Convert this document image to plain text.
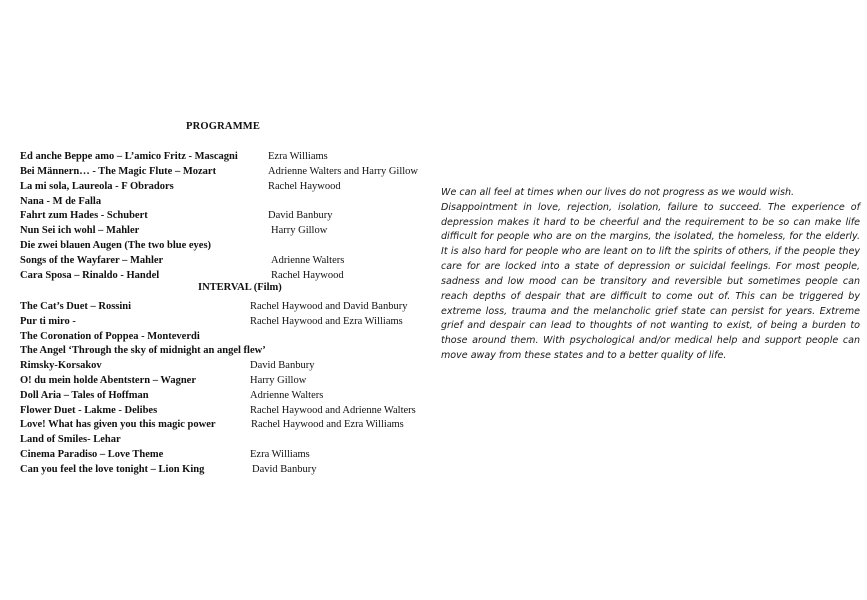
PROGRAMME
Ed anche Beppe amo – L’amico Fritz - Mascagni	Ezra Williams
Bei Männern… - The Magic Flute – Mozart	Adrienne Walters and Harry Gillow
La mi sola, Laureola - F Obradors	Rachel Haywood
Nana - M de Falla
Fahrt zum Hades - Schubert	David Banbury
Nun Sei ich wohl – Mahler	Harry Gillow
Die zwei blauen Augen (The two blue eyes)
Songs of the Wayfarer – Mahler	Adrienne Walters
Cara Sposa – Rinaldo - Handel	Rachel Haywood
INTERVAL (Film)
The Cat’s Duet – Rossini	Rachel Haywood and David Banbury
Pur ti miro -	Rachel Haywood and Ezra Williams
The Coronation of Poppea - Monteverdi
The Angel ‘Through the sky of midnight an angel flew’
Rimsky-Korsakov	David Banbury
O! du mein holde Abentstern – Wagner	Harry Gillow
Doll Aria – Tales of Hoffman	Adrienne Walters
Flower Duet - Lakme - Delibes	Rachel Haywood and Adrienne Walters
Love! What has given you this magic power	Rachel Haywood and Ezra Williams
Land of Smiles- Lehar
Cinema Paradiso – Love Theme	Ezra Williams
Can you feel the love tonight – Lion King	David Banbury

We can all feel at times when our lives do not progress as we would wish.

Disappointment in love, rejection, isolation, failure to succeed. The experience of depression makes it hard to be cheerful and the requirement to be so can make life difficult for people who are on the margins, the isolated, the homeless, for the elderly. It is also hard for people who are leant on to lift the spirits of others, if the people they care for are locked into a state of depression or suicidal feelings. For most people, sadness and low mood can be transitory and reversible but sometimes people can reach depths of despair that are difficult to come out of. This can be triggered by extreme loss, trauma and the melancholic grief state can persist for years. Extreme grief and despair can lead to thoughts of not wanting to exist, of being a burden to those around them. With psychological and/or medical help and support people can move away from these states and to a better quality of life.
